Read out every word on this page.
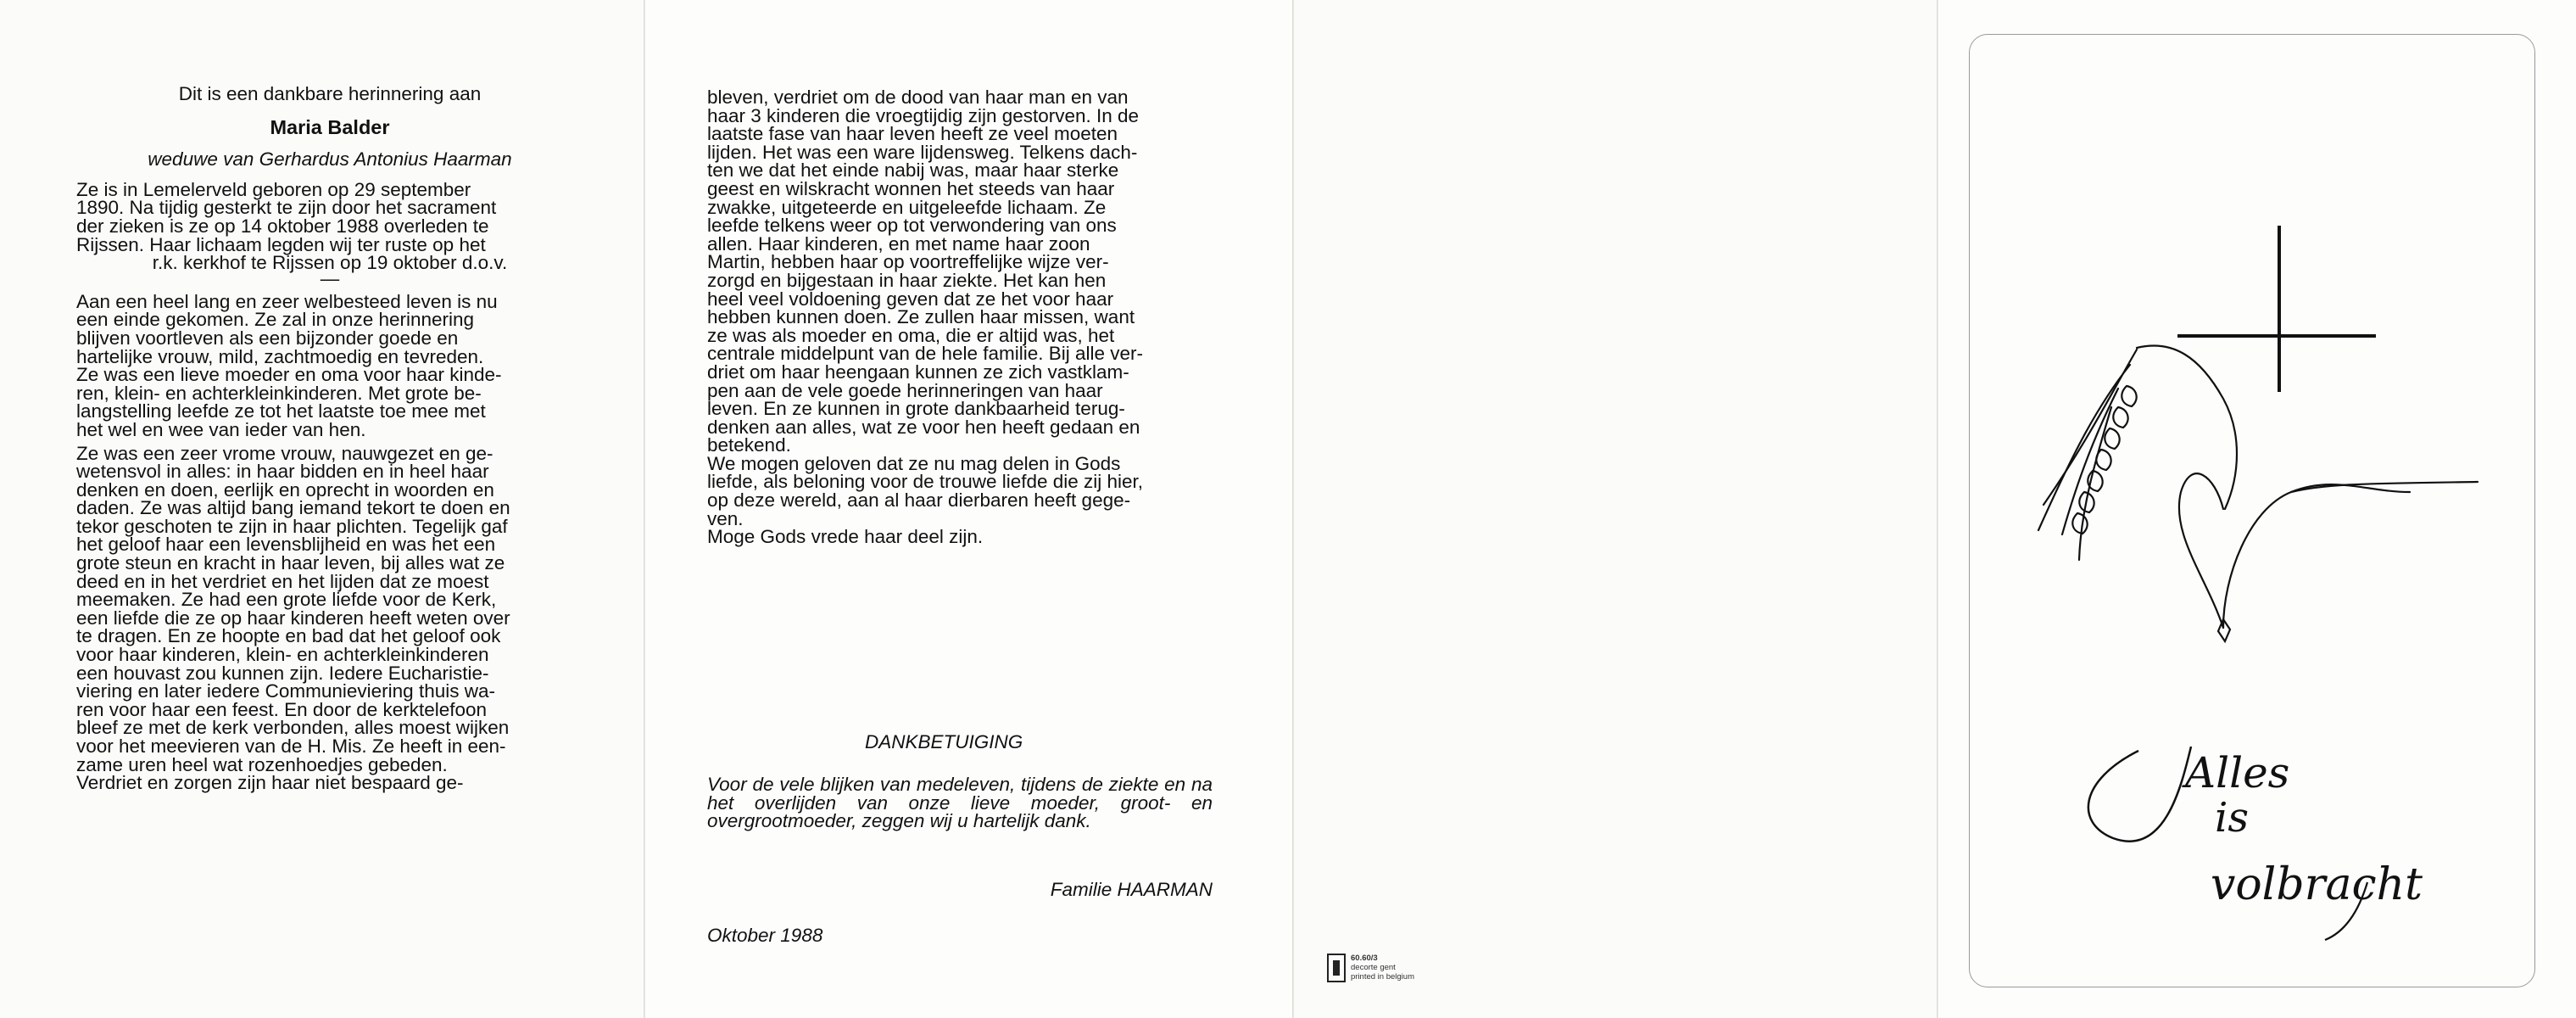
Dit is een dankbare herinnering aan
Maria Balder
weduwe van Gerhardus Antonius Haarman

Ze is in Lemelerveld geboren op 29 september

1890. Na tijdig gesterkt te zijn door het sacrament

der zieken is ze op 14 oktober 1988 overleden te

Rijssen. Haar lichaam legden wij ter ruste op het

r.k. kerkhof te Rijssen op 19 oktober d.o.v.
—

Aan een heel lang en zeer welbesteed leven is nu

een einde gekomen. Ze zal in onze herinnering

blijven voortleven als een bijzonder goede en

hartelijke vrouw, mild, zachtmoedig en tevreden.

Ze was een lieve moeder en oma voor haar kinde-

ren, klein- en achterkleinkinderen. Met grote be-

langstelling leefde ze tot het laatste toe mee met

het wel en wee van ieder van hen.

Ze was een zeer vrome vrouw, nauwgezet en ge-

wetensvol in alles: in haar bidden en in heel haar

denken en doen, eerlijk en oprecht in woorden en

daden. Ze was altijd bang iemand tekort te doen en

tekor geschoten te zijn in haar plichten. Tegelijk gaf

het geloof haar een levensblijheid en was het een

grote steun en kracht in haar leven, bij alles wat ze

deed en in het verdriet en het lijden dat ze moest

meemaken. Ze had een grote liefde voor de Kerk,

een liefde die ze op haar kinderen heeft weten over

te dragen. En ze hoopte en bad dat het geloof ook

voor haar kinderen, klein- en achterkleinkinderen

een houvast zou kunnen zijn. Iedere Eucharistie-

viering en later iedere Communieviering thuis wa-

ren voor haar een feest. En door de kerktelefoon

bleef ze met de kerk verbonden, alles moest wijken

voor het meevieren van de H. Mis. Ze heeft in een-

zame uren heel wat rozenhoedjes gebeden.

Verdriet en zorgen zijn haar niet bespaard ge-

bleven, verdriet om de dood van haar man en van

haar 3 kinderen die vroegtijdig zijn gestorven. In de

laatste fase van haar leven heeft ze veel moeten

lijden. Het was een ware lijdensweg. Telkens dach-

ten we dat het einde nabij was, maar haar sterke

geest en wilskracht wonnen het steeds van haar

zwakke, uitgeteerde en uitgeleefde lichaam. Ze

leefde telkens weer op tot verwondering van ons

allen. Haar kinderen, en met name haar zoon

Martin, hebben haar op voortreffelijke wijze ver-

zorgd en bijgestaan in haar ziekte. Het kan hen

heel veel voldoening geven dat ze het voor haar

hebben kunnen doen. Ze zullen haar missen, want

ze was als moeder en oma, die er altijd was, het

centrale middelpunt van de hele familie. Bij alle ver-

driet om haar heengaan kunnen ze zich vastklam-

pen aan de vele goede herinneringen van haar

leven. En ze kunnen in grote dankbaarheid terug-

denken aan alles, wat ze voor hen heeft gedaan en

betekend.

We mogen geloven dat ze nu mag delen in Gods

liefde, als beloning voor de trouwe liefde die zij hier,

op deze wereld, aan al haar dierbaren heeft gege-

ven.

Moge Gods vrede haar deel zijn.

DANKBETUIGING
Voor de vele blijken van medeleven, tijdens de ziekte en na het overlijden van onze lieve moeder, groot- en overgrootmoeder, zeggen wij u hartelijk dank.
Familie HAARMAN
Oktober 1988
60.60/3
decorte gent
printed in belgium
Alles
is
volbracht
